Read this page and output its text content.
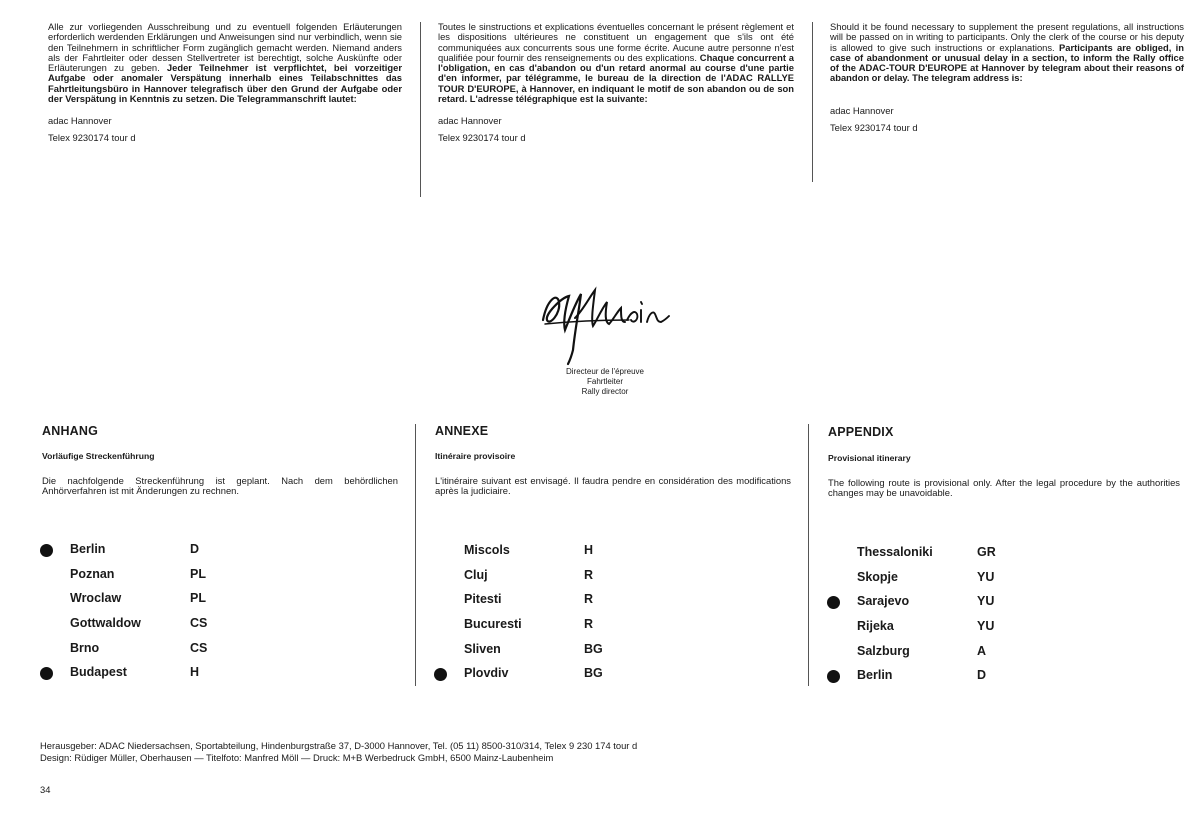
Alle zur vorliegenden Ausschreibung und zu eventuell folgenden Erläuterungen erforderlich werdenden Erklärungen und Anweisungen sind nur verbindlich, wenn sie den Teilnehmern in schriftlicher Form zugänglich gemacht werden. Niemand anders als der Fahrtleiter oder dessen Stellvertreter ist berechtigt, solche Auskünfte oder Erläuterungen zu geben. Jeder Teilnehmer ist verpflichtet, bei vorzeitiger Aufgabe oder anomaler Verspätung innerhalb eines Teilabschnittes das Fahrtleitungsbüro in Hannover telegrafisch über den Grund der Aufgabe oder der Verspätung in Kenntnis zu setzen. Die Telegrammanschrift lautet:

adac Hannover
Telex 9230174 tour d

Toutes le sinstructions et explications éventuelles concernant le présent règlement et les dispositions ultérieures ne constituent un engagement que s'ils ont été communiquées aux concurrents sous une forme écrite. Aucune autre personne n'est qualifiée pour fournir des renseignements ou des explications. Chaque concurrent a l'obligation, en cas d'abandon ou d'un retard anormal au course d'une partie d'en informer, par télégramme, le bureau de la direction de l'ADAC RALLYE TOUR D'EUROPE, à Hannover, en indiquant le motif de son abandon ou de son retard. L'adresse télégraphique est la suivante:

adac Hannover
Telex 9230174 tour d

Should it be found necessary to supplement the present regulations, all instructions will be passed on in writing to participants. Only the clerk of the course or his deputy is allowed to give such instructions or explanations. Participants are obliged, in case of abandonment or unusual delay in a section, to inform the Rally office of the ADAC-TOUR D'EUROPE at Hannover by telegram about their reasons of abandon or delay. The telegram address is:

adac Hannover
Telex 9230174 tour d
Directeur de l'épreuve
Fahrtleiter
Rally director
ANHANG
Vorläufige Streckenführung
Die nachfolgende Streckenführung ist geplant. Nach dem behördlichen Anhörverfahren ist mit Änderungen zu rechnen.
ANNEXE
Itinéraire provisoire
L'itinéraire suivant est envisagé. Il faudra pendre en considération des modifications après la judiciaire.
APPENDIX
Provisional itinerary
The following route is provisional only. After the legal procedure by the authorities changes may be unavoidable.
Berlin	D
Poznan	PL
Wroclaw	PL
Gottwaldow	CS
Brno	CS
Budapest	H
Miscols	H
Cluj	R
Pitesti	R
Bucuresti	R
Sliven	BG
Plovdiv	BG
Thessaloniki	GR
Skopje	YU
Sarajevo	YU
Rijeka	YU
Salzburg	A
Berlin	D
Herausgeber: ADAC Niedersachsen, Sportabteilung, Hindenburgstraße 37, D-3000 Hannover, Tel. (05 11) 8500-310/314, Telex 9 230 174 tour d
Design: Rüdiger Müller, Oberhausen — Titelfoto: Manfred Möll — Druck: M+B Werbedruck GmbH, 6500 Mainz-Laubenheim
34
